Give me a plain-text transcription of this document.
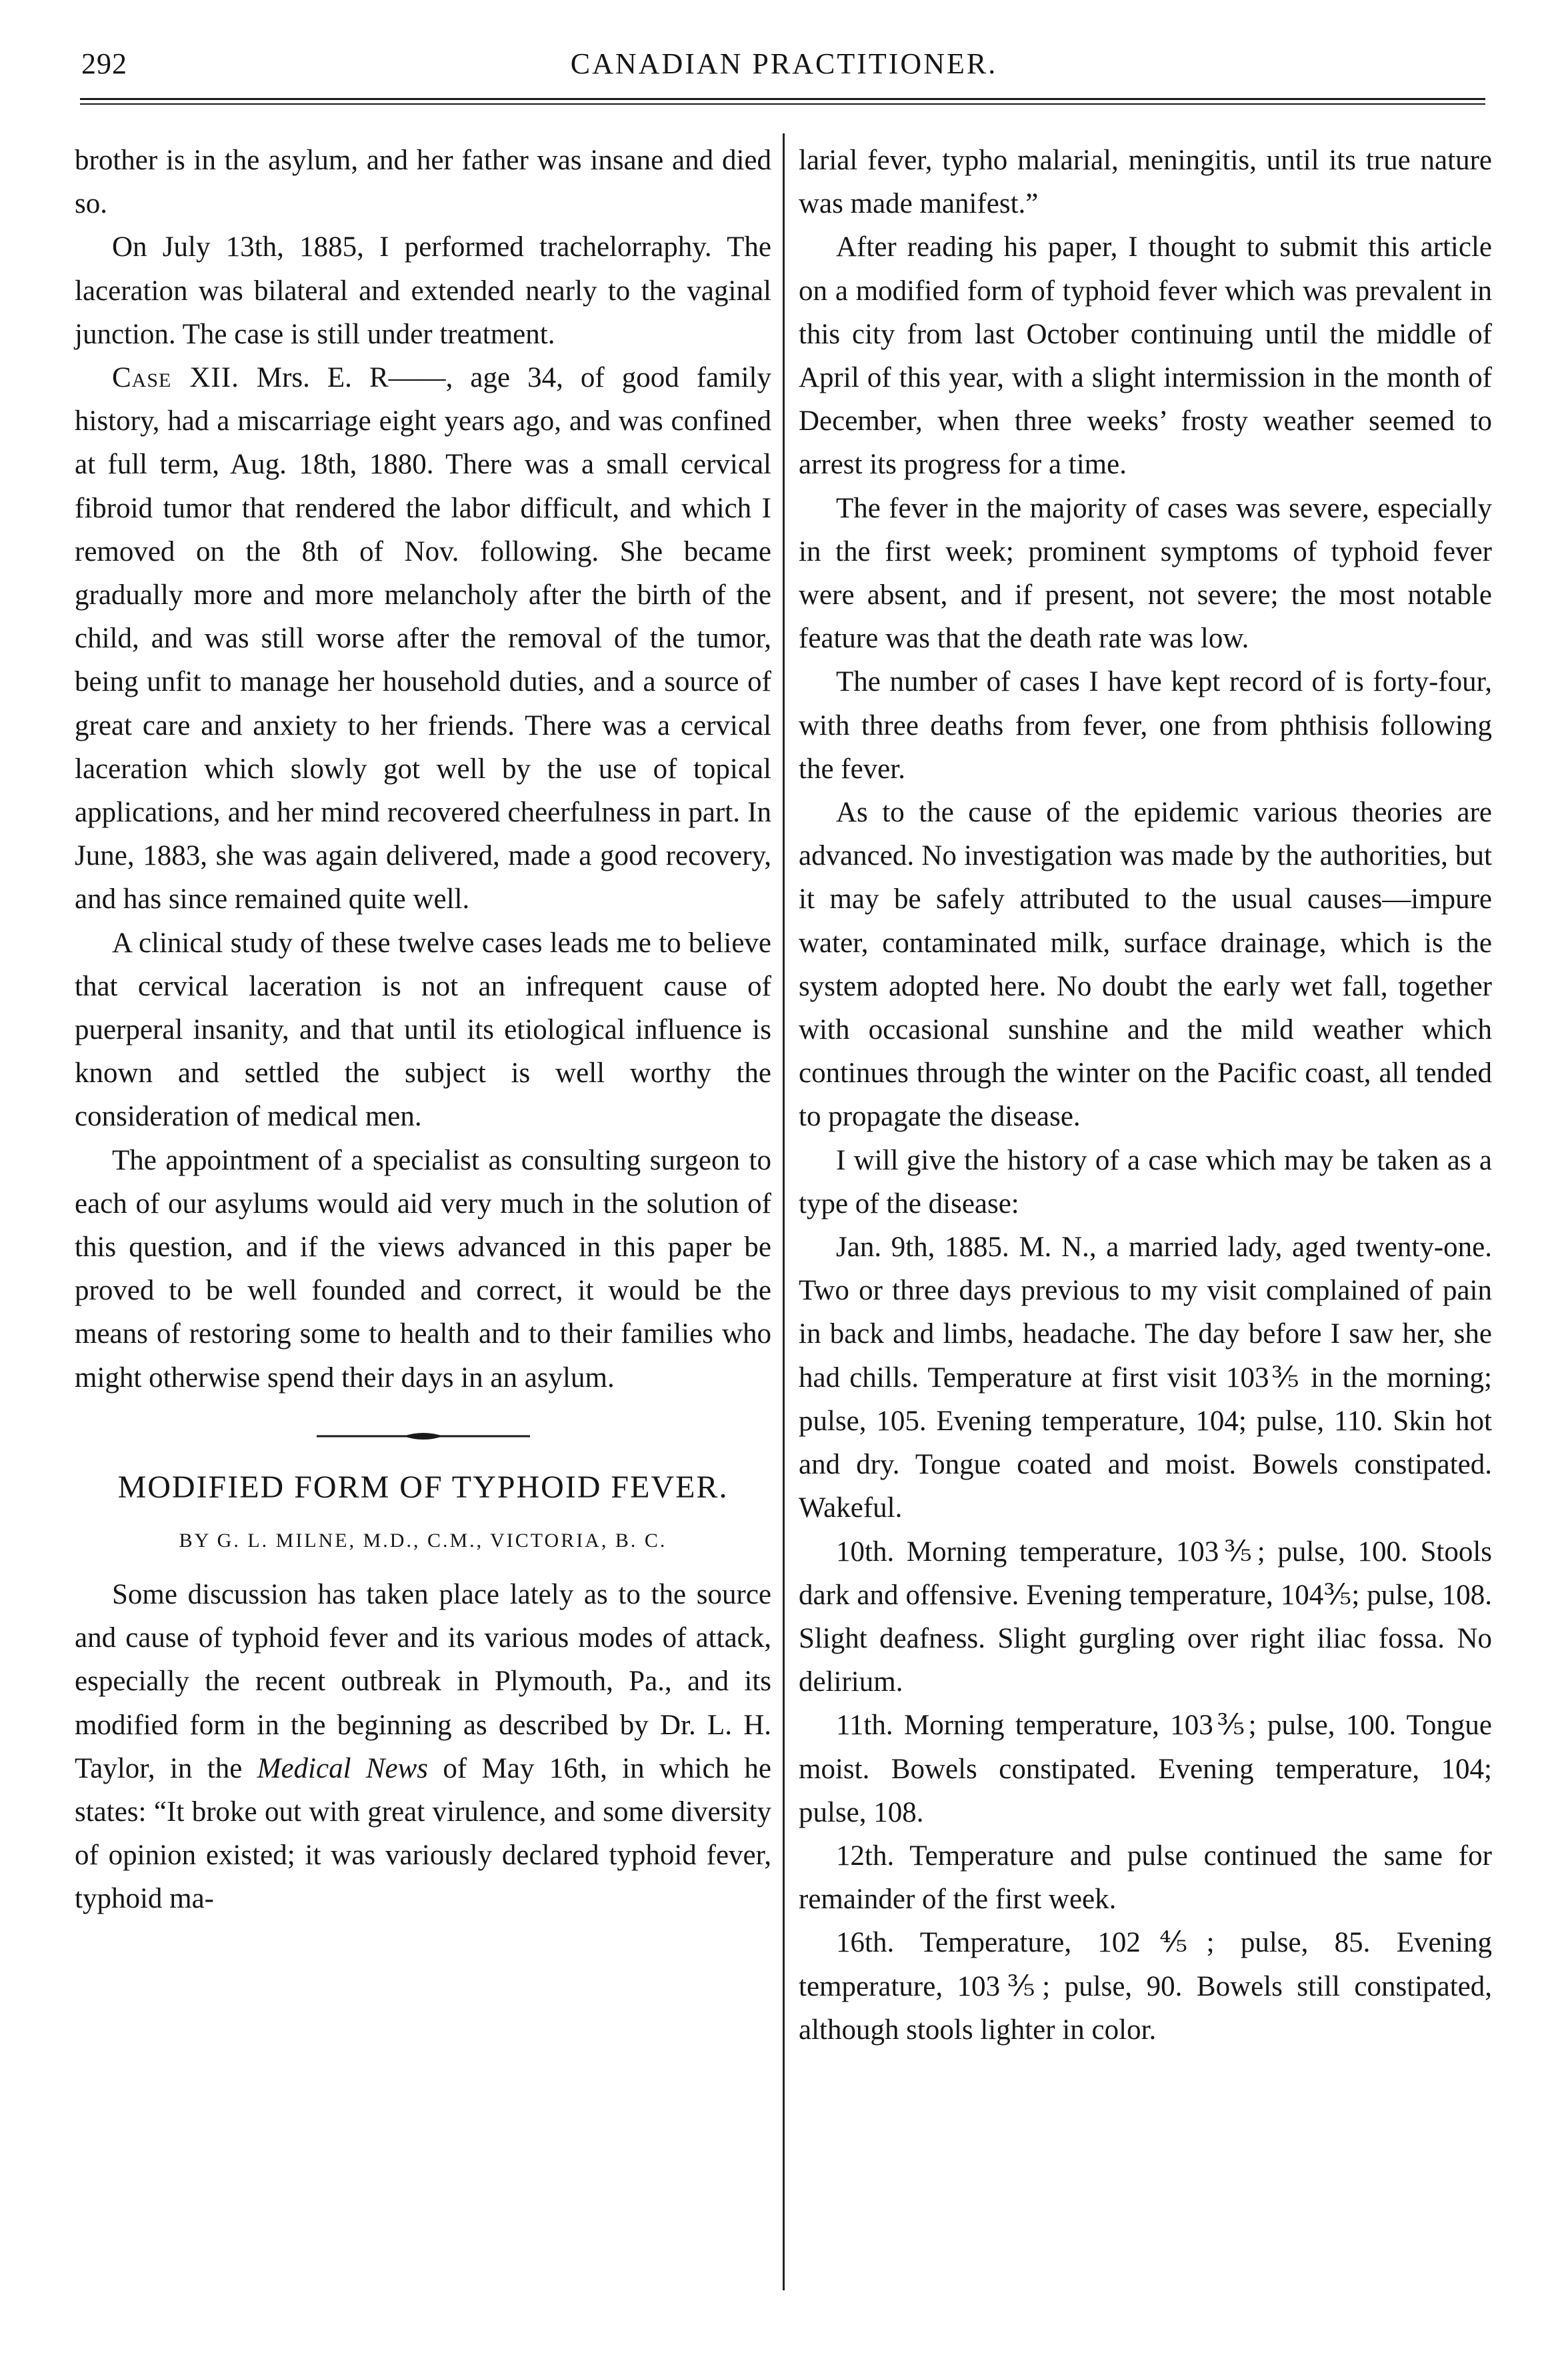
292	CANADIAN PRACTITIONER.

brother is in the asylum, and her father was insane and died so.

On July 13th, 1885, I performed trachelorraphy. The laceration was bilateral and extended nearly to the vaginal junction. The case is still under treatment.

Case XII. Mrs. E. R——, age 34, of good family history, had a miscarriage eight years ago, and was confined at full term, Aug. 18th, 1880. There was a small cervical fibroid tumor that rendered the labor difficult, and which I removed on the 8th of Nov. following. She became gradually more and more melancholy after the birth of the child, and was still worse after the removal of the tumor, being unfit to manage her household duties, and a source of great care and anxiety to her friends. There was a cervical laceration which slowly got well by the use of topical applications, and her mind recovered cheerfulness in part. In June, 1883, she was again delivered, made a good recovery, and has since remained quite well.

A clinical study of these twelve cases leads me to believe that cervical laceration is not an infrequent cause of puerperal insanity, and that until its etiological influence is known and settled the subject is well worthy the consideration of medical men.

The appointment of a specialist as consulting surgeon to each of our asylums would aid very much in the solution of this question, and if the views advanced in this paper be proved to be well founded and correct, it would be the means of restoring some to health and to their families who might otherwise spend their days in an asylum.

MODIFIED FORM OF TYPHOID FEVER.
BY G. L. MILNE, M.D., C.M., VICTORIA, B. C.

Some discussion has taken place lately as to the source and cause of typhoid fever and its various modes of attack, especially the recent outbreak in Plymouth, Pa., and its modified form in the beginning as described by Dr. L. H. Taylor, in the Medical News of May 16th, in which he states: “It broke out with great virulence, and some diversity of opinion existed; it was variously declared typhoid fever, typhoid ma-

larial fever, typho malarial, meningitis, until its true nature was made manifest.”

After reading his paper, I thought to submit this article on a modified form of typhoid fever which was prevalent in this city from last October continuing until the middle of April of this year, with a slight intermission in the month of December, when three weeks’ frosty weather seemed to arrest its progress for a time.

The fever in the majority of cases was severe, especially in the first week; prominent symptoms of typhoid fever were absent, and if present, not severe; the most notable feature was that the death rate was low.

The number of cases I have kept record of is forty-four, with three deaths from fever, one from phthisis following the fever.

As to the cause of the epidemic various theories are advanced. No investigation was made by the authorities, but it may be safely attributed to the usual causes—impure water, contaminated milk, surface drainage, which is the system adopted here. No doubt the early wet fall, together with occasional sunshine and the mild weather which continues through the winter on the Pacific coast, all tended to propagate the disease.

I will give the history of a case which may be taken as a type of the disease:

Jan. 9th, 1885. M. N., a married lady, aged twenty-one. Two or three days previous to my visit complained of pain in back and limbs, headache. The day before I saw her, she had chills. Temperature at first visit 103⅗ in the morning; pulse, 105. Evening temperature, 104; pulse, 110. Skin hot and dry. Tongue coated and moist. Bowels constipated. Wakeful.

10th. Morning temperature, 103⅗; pulse, 100. Stools dark and offensive. Evening temperature, 104⅗; pulse, 108. Slight deafness. Slight gurgling over right iliac fossa. No delirium.

11th. Morning temperature, 103⅗; pulse, 100. Tongue moist. Bowels constipated. Evening temperature, 104; pulse, 108.

12th. Temperature and pulse continued the same for remainder of the first week.

16th. Temperature, 102⅘; pulse, 85. Evening temperature, 103⅗; pulse, 90. Bowels still constipated, although stools lighter in color.
